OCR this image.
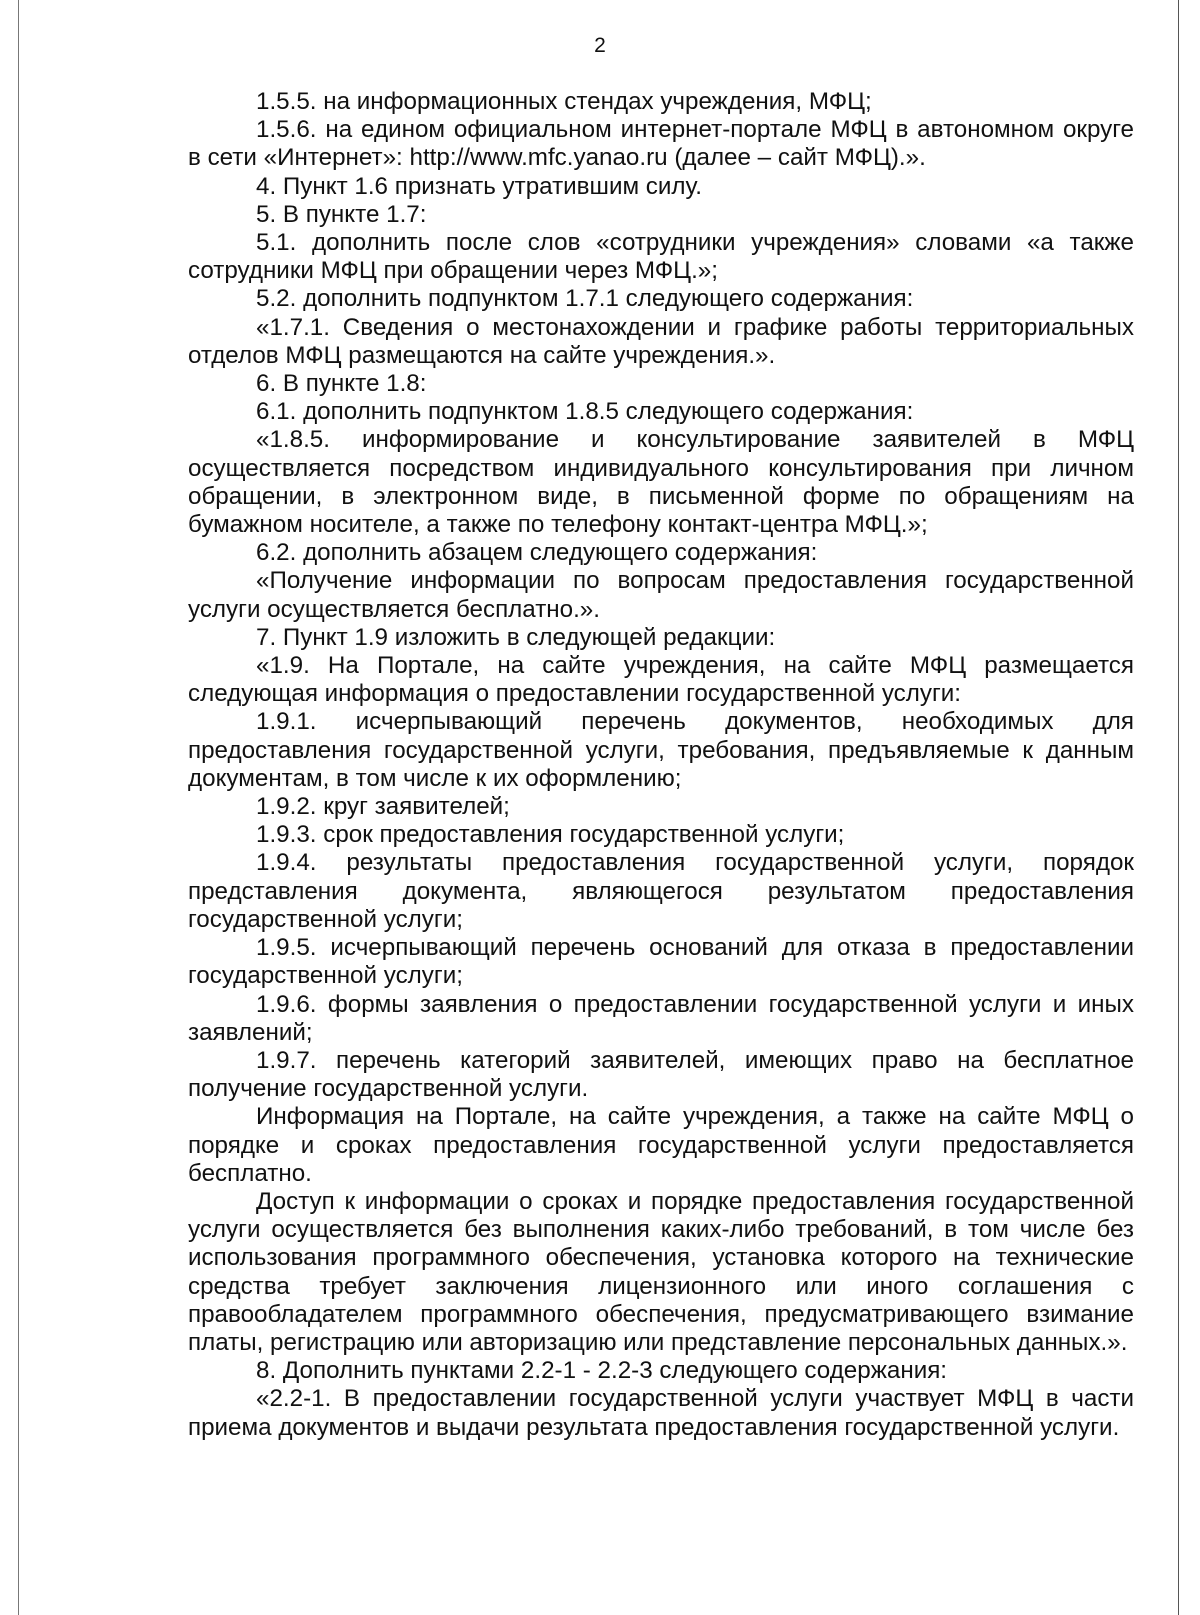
2

1.5.5. на информационных стендах учреждения, МФЦ;

1.5.6. на едином официальном интернет-портале МФЦ в автономном округе в сети «Интернет»: http://www.mfc.yanao.ru (далее – сайт МФЦ).».

4. Пункт 1.6 признать утратившим силу.

5. В пункте 1.7:

5.1. дополнить после слов «сотрудники учреждения» словами «а также сотрудники МФЦ при обращении через МФЦ.»;

5.2. дополнить подпунктом 1.7.1 следующего содержания:

«1.7.1. Сведения о местонахождении и графике работы территориальных отделов МФЦ размещаются на сайте учреждения.».

6. В пункте 1.8:

6.1. дополнить подпунктом 1.8.5 следующего содержания:

«1.8.5. информирование и консультирование заявителей в МФЦ осуществляется посредством индивидуального консультирования при личном обращении, в электронном виде, в письменной форме по обращениям на бумажном носителе, а также по телефону контакт-центра МФЦ.»;

6.2. дополнить абзацем следующего содержания:

«Получение информации по вопросам предоставления государственной услуги осуществляется бесплатно.».

7. Пункт 1.9 изложить в следующей редакции:

«1.9. На Портале, на сайте учреждения, на сайте МФЦ размещается следующая информация о предоставлении государственной услуги:

1.9.1. исчерпывающий перечень документов, необходимых для предоставления государственной услуги, требования, предъявляемые к данным документам, в том числе к их оформлению;

1.9.2. круг заявителей;

1.9.3. срок предоставления государственной услуги;

1.9.4. результаты предоставления государственной услуги, порядок представления документа, являющегося результатом предоставления государственной услуги;

1.9.5. исчерпывающий перечень оснований для отказа в предоставлении государственной услуги;

1.9.6. формы заявления о предоставлении государственной услуги и иных заявлений;

1.9.7. перечень категорий заявителей, имеющих право на бесплатное получение государственной услуги.

Информация на Портале, на сайте учреждения, а также на сайте МФЦ о порядке и сроках предоставления государственной услуги предоставляется бесплатно.

Доступ к информации о сроках и порядке предоставления государственной услуги осуществляется без выполнения каких-либо требований, в том числе без использования программного обеспечения, установка которого на технические средства требует заключения лицензионного или иного соглашения с правообладателем программного обеспечения, предусматривающего взимание платы, регистрацию или авторизацию или представление персональных данных.».

8. Дополнить пунктами 2.2-1 - 2.2-3 следующего содержания:

«2.2-1. В предоставлении государственной услуги участвует МФЦ в части приема документов и выдачи результата предоставления государственной услуги.
